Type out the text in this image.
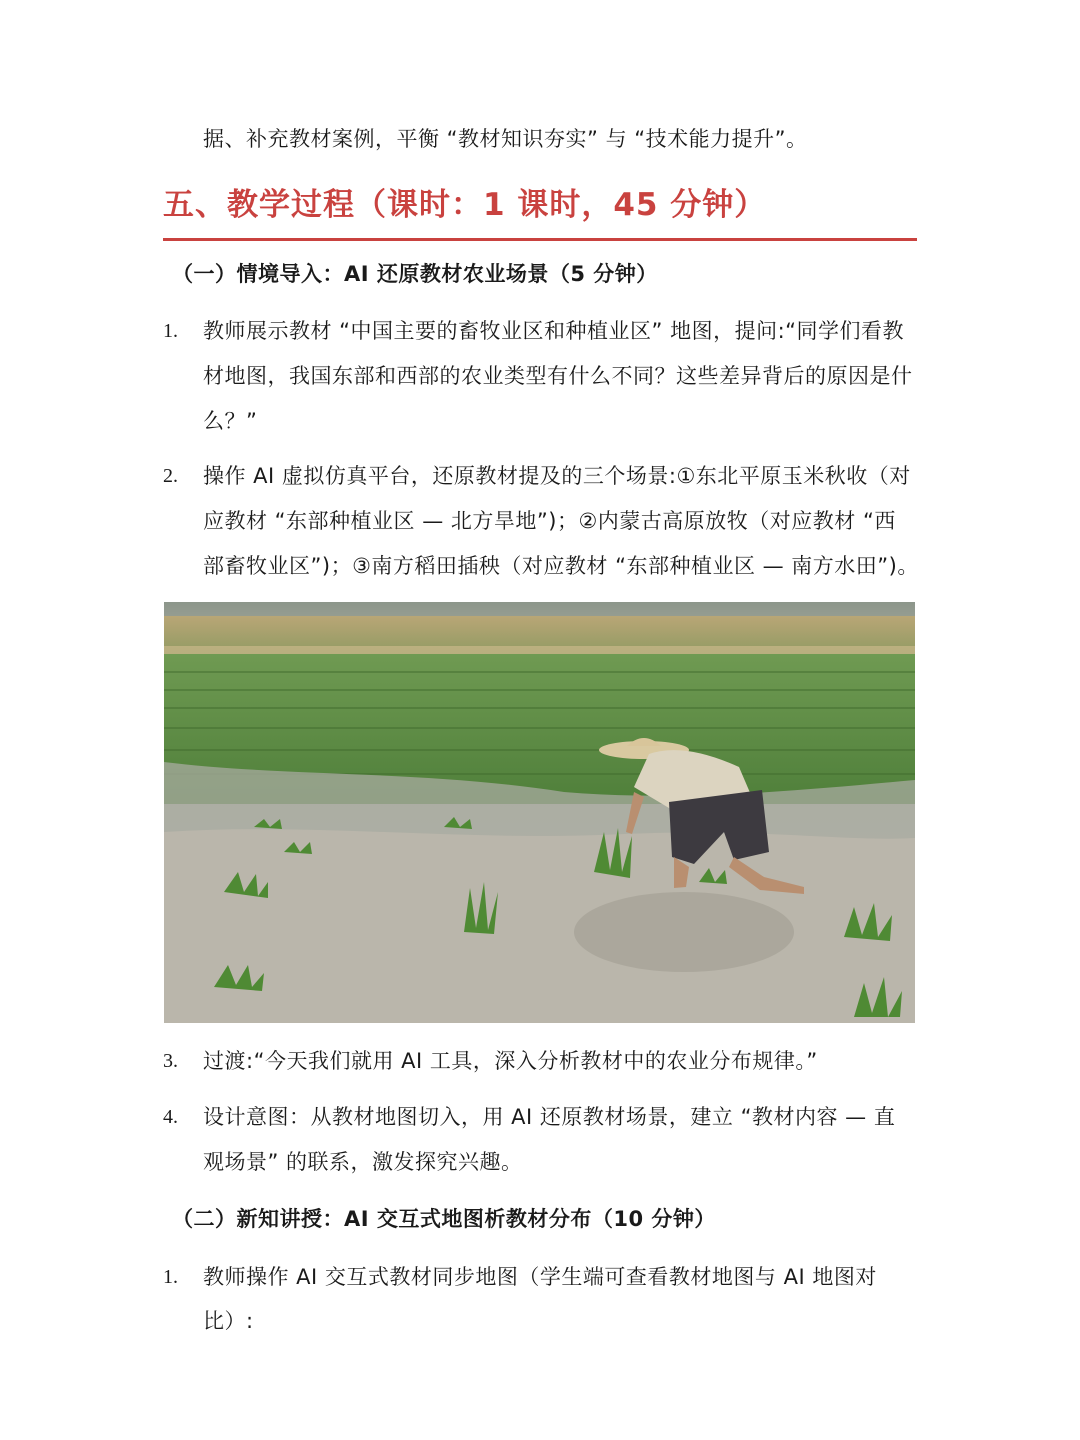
据、补充教材案例，平衡 “教材知识夯实” 与 “技术能力提升”。
五、教学过程（课时：1 课时，45 分钟）
（一）情境导入：AI 还原教材农业场景（5 分钟）
1. 教师展示教材 “中国主要的畜牧业区和种植业区” 地图，提问:“同学们看教
材地图，我国东部和西部的农业类型有什么不同？这些差异背后的原因是什
么？”
2. 操作 AI 虚拟仿真平台，还原教材提及的三个场景:①东北平原玉米秋收（对
应教材 “东部种植业区 — 北方旱地”)；②内蒙古高原放牧（对应教材 “西
部畜牧业区”)；③南方稻田插秧（对应教材 “东部种植业区 — 南方水田”)。
3. 过渡:“今天我们就用 AI 工具，深入分析教材中的农业分布规律。”
4. 设计意图：从教材地图切入，用 AI 还原教材场景，建立 “教材内容 — 直
观场景” 的联系，激发探究兴趣。
（二）新知讲授：AI 交互式地图析教材分布（10 分钟）
1. 教师操作 AI 交互式教材同步地图（学生端可查看教材地图与 AI 地图对
比）:
